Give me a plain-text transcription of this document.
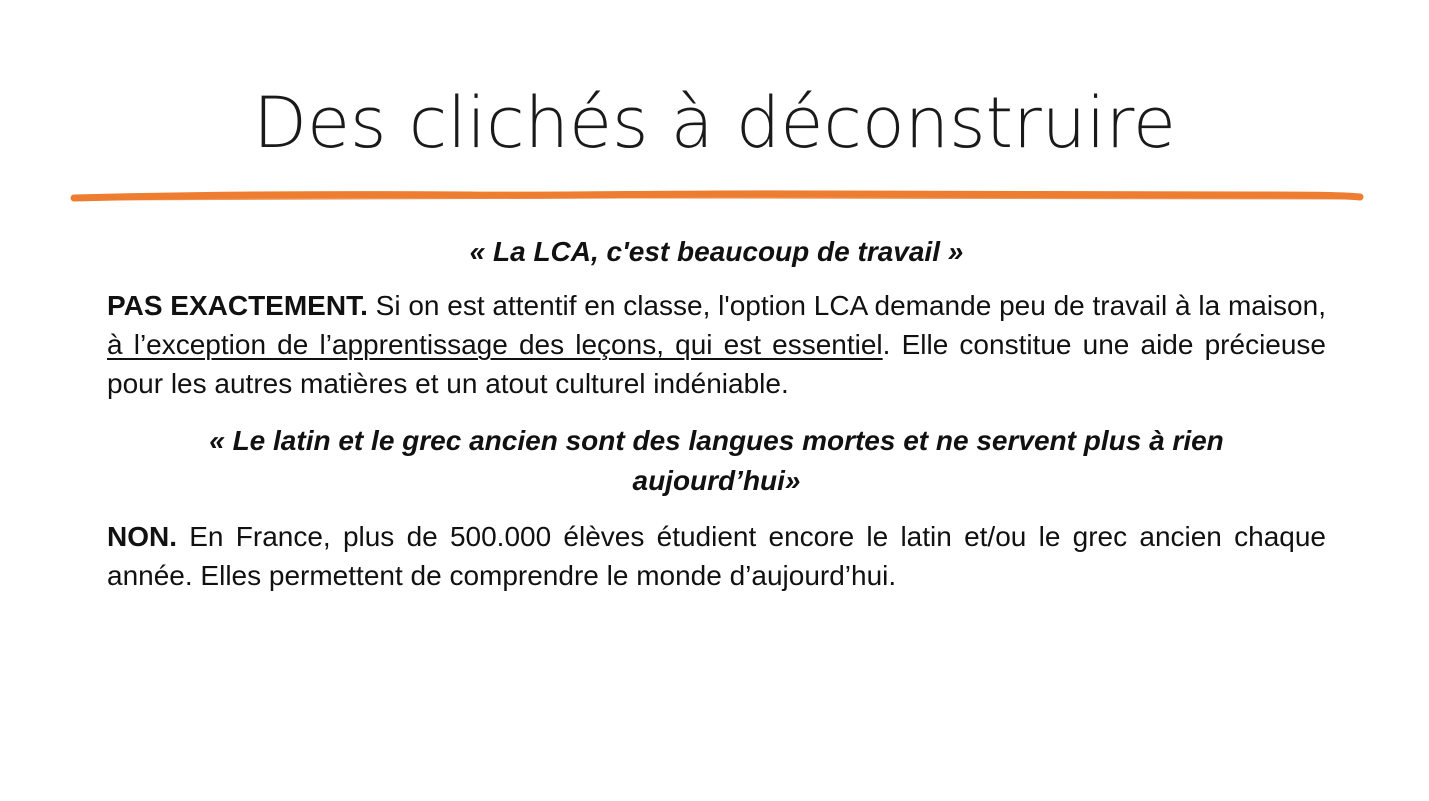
Des clichés à déconstruire

« La LCA, c'est beaucoup de travail »

PAS EXACTEMENT. Si on est attentif en classe, l'option LCA demande peu de travail à la maison, à l’exception de l’apprentissage des leçons, qui est essentiel. Elle constitue une aide précieuse pour les autres matières et un atout culturel indéniable.

« Le latin et le grec ancien sont des langues mortes et ne servent plus à rien aujourd’hui»

NON. En France, plus de 500.000 élèves étudient encore le latin et/ou le grec ancien chaque année. Elles permettent de comprendre le monde d’aujourd’hui.
